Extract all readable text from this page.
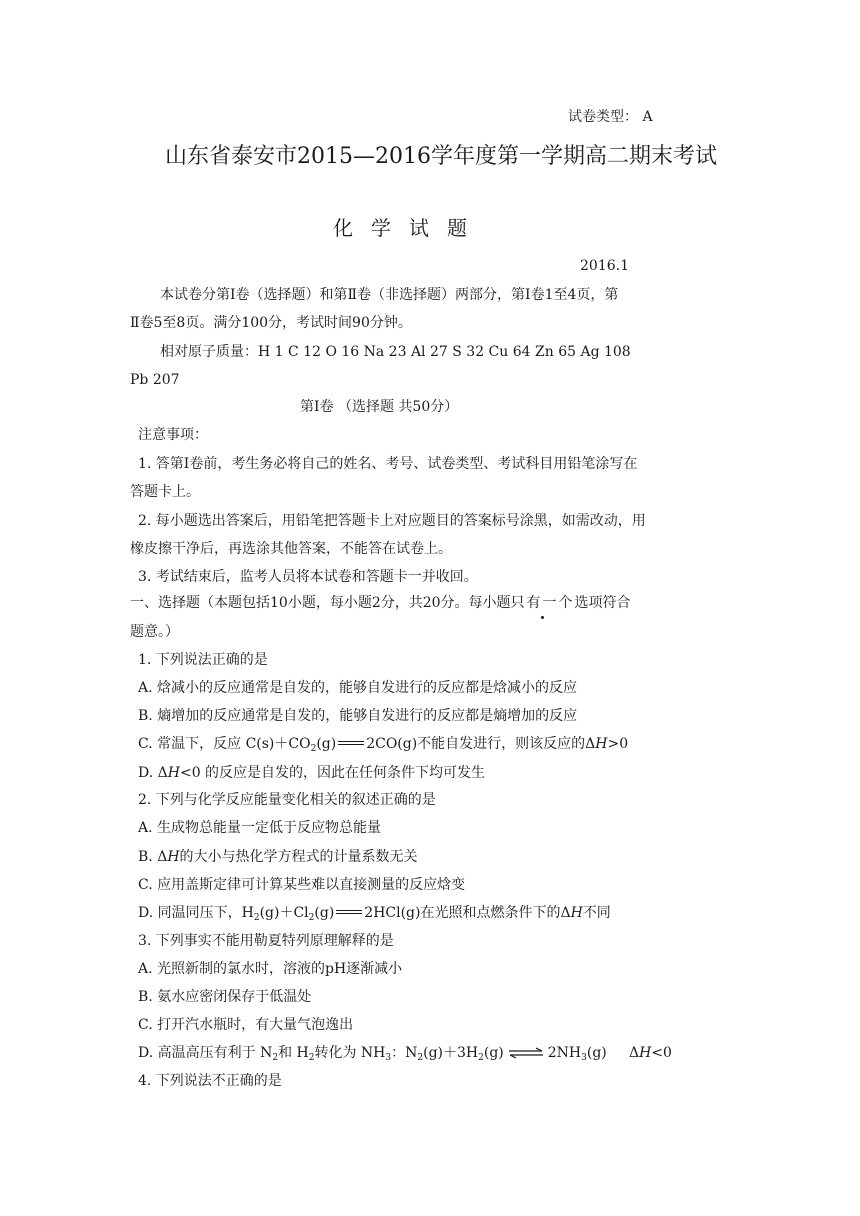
试卷类型： A
山东省泰安市2015—2016学年度第一学期高二期末考试
化学试题
2016.1
本试卷分第Ⅰ卷（选择题）和第Ⅱ卷（非选择题）两部分，第Ⅰ卷1至4页，第
Ⅱ卷5至8页。满分100分，考试时间90分钟。
相对原子质量：H 1 C 12 O 16 Na 23 Al 27 S 32 Cu 64 Zn 65 Ag 108
Pb 207
第Ⅰ卷 （选择题 共50分）
注意事项：
1. 答第Ⅰ卷前，考生务必将自己的姓名、考号、试卷类型、考试科目用铅笔涂写在
答题卡上。
2. 每小题选出答案后，用铅笔把答题卡上对应题目的答案标号涂黑，如需改动，用
橡皮擦干净后，再选涂其他答案，不能答在试卷上。
3. 考试结束后，监考人员将本试卷和答题卡一并收回。
一、选择题（本题包括10小题，每小题2分，共20分。每小题只有一个选项符合
题意。）
1. 下列说法正确的是
A. 焓减小的反应通常是自发的，能够自发进行的反应都是焓减小的反应
B. 熵增加的反应通常是自发的，能够自发进行的反应都是熵增加的反应
C. 常温下，反应 $C(s)+CO_2(g)$ 2CO(g)不能自发进行，则该反应的ΔH>0
D. ΔH<0 的反应是自发的，因此在任何条件下均可发生
2. 下列与化学反应能量变化相关的叙述正确的是
A. 生成物总能量一定低于反应物总能量
B. ΔH的大小与热化学方程式的计量系数无关
C. 应用盖斯定律可计算某些难以直接测量的反应焓变
D. 同温同压下，$H_2(g)+Cl_2(g)$ 2HCl(g)在光照和点燃条件下的ΔH不同
3. 下列事实不能用勒夏特列原理解释的是
A. 光照新制的氯水时，溶液的pH逐渐减小
B. 氨水应密闭保存于低温处
C. 打开汽水瓶时，有大量气泡逸出
D. 高温高压有利于 $N_2$和 $H_2$转化为 $NH_3$：$N_2(g)+3H_2(g)$ ⇌ $2NH_3(g)$     ΔH<0
4. 下列说法不正确的是
